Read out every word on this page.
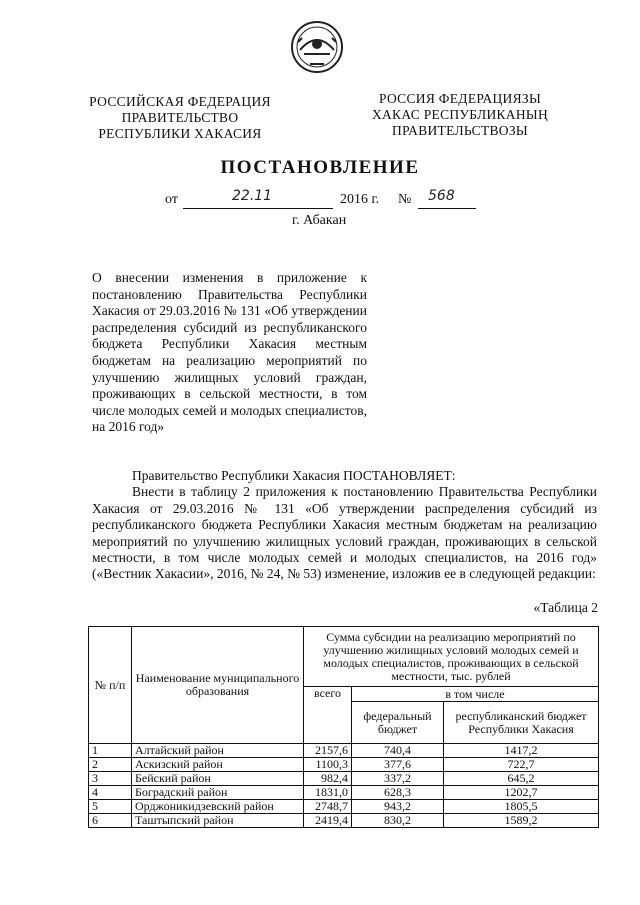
РОССИЙСКАЯ ФЕДЕРАЦИЯ
ПРАВИТЕЛЬСТВО
РЕСПУБЛИКИ ХАКАСИЯ
РОССИЯ ФЕДЕРАЦИЯЗЫ
ХАКАС РЕСПУБЛИКАНЫҢ
ПРАВИТЕЛЬСТВОЗЫ
ПОСТАНОВЛЕНИЕ
от	22.11	2016 г. № 568
г. Абакан
О внесении изменения в приложение к постановлению Правительства Республики Хакасия от 29.03.2016 № 131 «Об утверждении распределения субсидий из республиканского бюджета Республики Хакасия местным бюджетам на реализацию мероприятий по улучшению жилищных условий граждан, проживающих в сельской местности, в том числе молодых семей и молодых специалистов, на 2016 год»

Правительство Республики Хакасия ПОСТАНОВЛЯЕТ:

Внести в таблицу 2 приложения к постановлению Правительства Республики Хакасия от 29.03.2016 № 131 «Об утверждении распределения субсидий из республиканского бюджета Республики Хакасия местным бюджетам на реализацию мероприятий по улучшению жилищных условий граждан, проживающих в сельской местности, в том числе молодых семей и молодых специалистов, на 2016 год» («Вестник Хакасии», 2016, № 24, № 53) изменение, изложив ее в следующей редакции:

«Таблица 2
№ п/п	Наименование муниципального образования	Сумма субсидии на реализацию мероприятий по улучшению жилищных условий молодых семей и молодых специалистов, проживающих в сельской местности, тыс. рублей		
		всего	в том числе	
			федеральный бюджет	республиканский бюджет Республики Хакасия
1	Алтайский район	2157,6	740,4	1417,2
2	Аскизский район	1100,3	377,6	722,7
3	Бейский район	982,4	337,2	645,2
4	Боградский район	1831,0	628,3	1202,7
5	Орджоникидзевский район	2748,7	943,2	1805,5
6	Таштыпский район	2419,4	830,2	1589,2
